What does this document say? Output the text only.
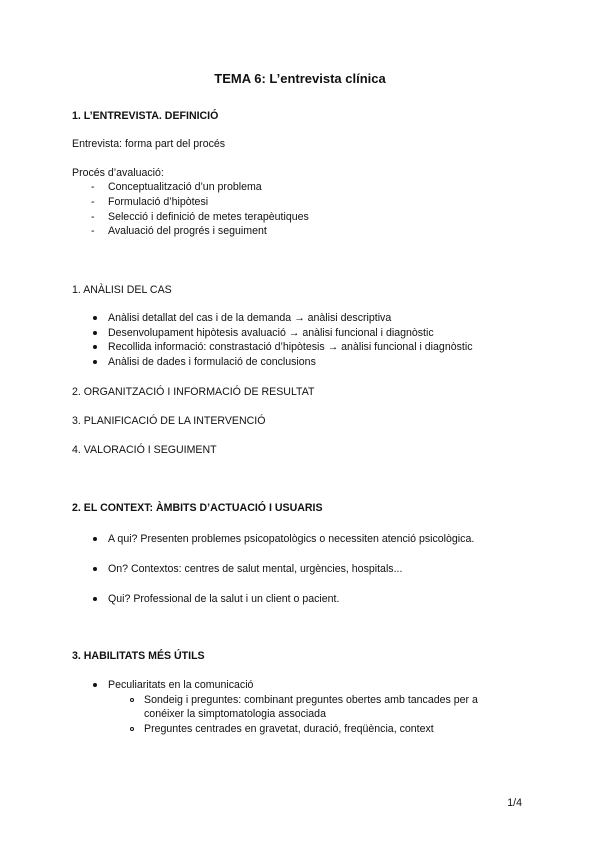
TEMA 6: L’entrevista clínica
1. L’ENTREVISTA. DEFINICIÓ
Entrevista: forma part del procés
Procés d’avaluació:
- Conceptualització d’un problema
- Formulació d’hipòtesi
- Selecció i definició de metes terapèutiques
- Avaluació del progrés i seguiment
1. ANÀLISI DEL CAS
Anàlisi detallat del cas i de la demanda → anàlisi descriptiva
Desenvolupament hipòtesis avaluació → anàlisi funcional i diagnòstic
Recollida informació: constrastació d’hipòtesis → anàlisi funcional i diagnòstic
Anàlisi de dades i formulació de conclusions
2. ORGANITZACIÓ I INFORMACIÓ DE RESULTAT
3. PLANIFICACIÓ DE LA INTERVENCIÓ
4. VALORACIÓ I SEGUIMENT
2. EL CONTEXT: ÀMBITS D’ACTUACIÓ I USUARIS
A qui? Presenten problemes psicopatològics o necessiten atenció psicològica.
On? Contextos: centres de salut mental, urgències, hospitals...
Qui? Professional de la salut i un client o pacient.
3. HABILITATS MÉS ÚTILS
Peculiaritats en la comunicació
Sondeig i preguntes: combinant preguntes obertes amb tancades per a
conéixer la simptomatologia associada
Preguntes centrades en gravetat, duració, freqüència, context
1/4
